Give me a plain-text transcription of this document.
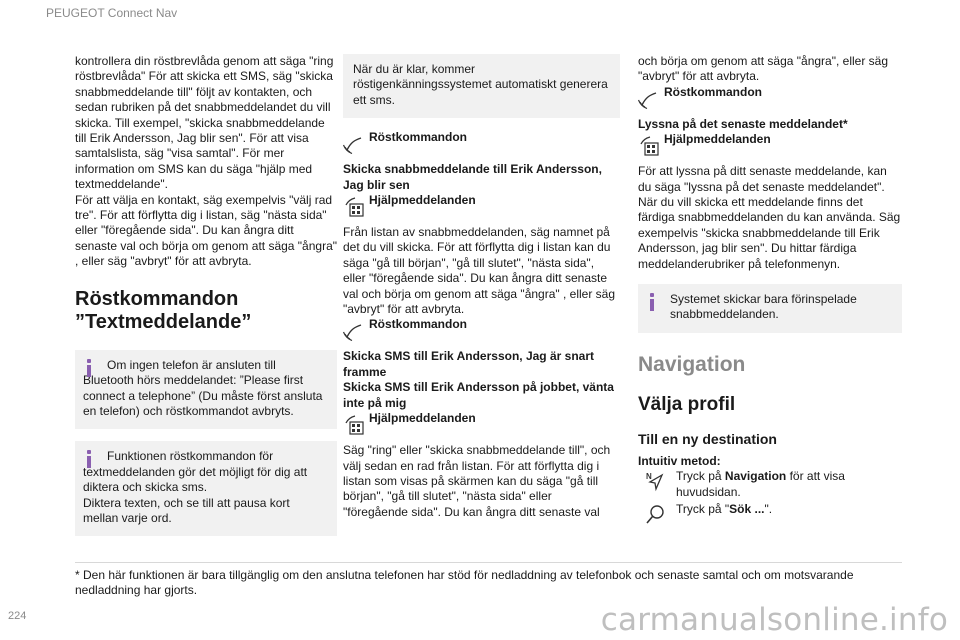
PEUGEOT Connect Nav

kontrollera din röstbrevlåda genom att säga "ring röstbrevlåda" För att skicka ett SMS, säg "skicka snabbmeddelande till" följt av kontakten, och sedan rubriken på det snabbmeddelandet du vill skicka. Till exempel, "skicka snabbmeddelande till Erik Andersson, Jag blir sen". För att visa samtalslista, säg "visa samtal". För mer information om SMS kan du säga "hjälp med textmeddelande".

För att välja en kontakt, säg exempelvis "välj rad tre". För att förflytta dig i listan, säg "nästa sida" eller "föregående sida". Du kan ångra ditt senaste val och börja om genom att säga "ångra" , eller säg "avbryt" för att avbryta.

Röstkommandon ”Textmeddelande”

Om ingen telefon är ansluten till

Bluetooth hörs meddelandet: ”Please first connect a telephone” (Du måste först ansluta en telefon) och röstkommandot avbryts.

Funktionen röstkommandon för

textmeddelanden gör det möjligt för dig att diktera och skicka sms.

Diktera texten, och se till att pausa kort mellan varje ord.

När du är klar, kommer röstigenkänningssystemet automatiskt generera ett sms.

Röstkommandon

Skicka snabbmeddelande till Erik Andersson, Jag blir sen

Hjälpmeddelanden

Från listan av snabbmeddelanden, säg namnet på det du vill skicka. För att förflytta dig i listan kan du säga "gå till början", "gå till slutet", "nästa sida", eller "föregående sida". Du kan ångra ditt senaste val och börja om genom att säga "ångra" , eller säg "avbryt" för att avbryta.

Röstkommandon

Skicka SMS till Erik Andersson, Jag är snart framme

Skicka SMS till Erik Andersson på jobbet, vänta inte på mig

Hjälpmeddelanden

Säg "ring" eller "skicka snabbmeddelande till", och välj sedan en rad från listan. För att förflytta dig i listan som visas på skärmen kan du säga "gå till början", "gå till slutet", "nästa sida" eller "föregående sida". Du kan ångra ditt senaste val

och börja om genom att säga "ångra", eller säg "avbryt" för att avbryta.

Röstkommandon

Lyssna på det senaste meddelandet*

Hjälpmeddelanden

För att lyssna på ditt senaste meddelande, kan du säga "lyssna på det senaste meddelandet". När du vill skicka ett meddelande finns det färdiga snabbmeddelanden du kan använda. Säg exempelvis "skicka snabbmeddelande till Erik Andersson, jag blir sen". Du hittar färdiga meddelanderubriker på telefonmenyn.

Systemet skickar bara förinspelade

snabbmeddelanden.

Navigation
Välja profil
Till en ny destination

Intuitiv metod:

N Tryck på Navigation för att visa huvudsidan.

Tryck på "Sök ...".

* Den här funktionen är bara tillgänglig om den anslutna telefonen har stöd för nedladdning av telefonbok och senaste samtal och om motsvarande nedladdning har gjorts.

224	carmanualsonline.info
